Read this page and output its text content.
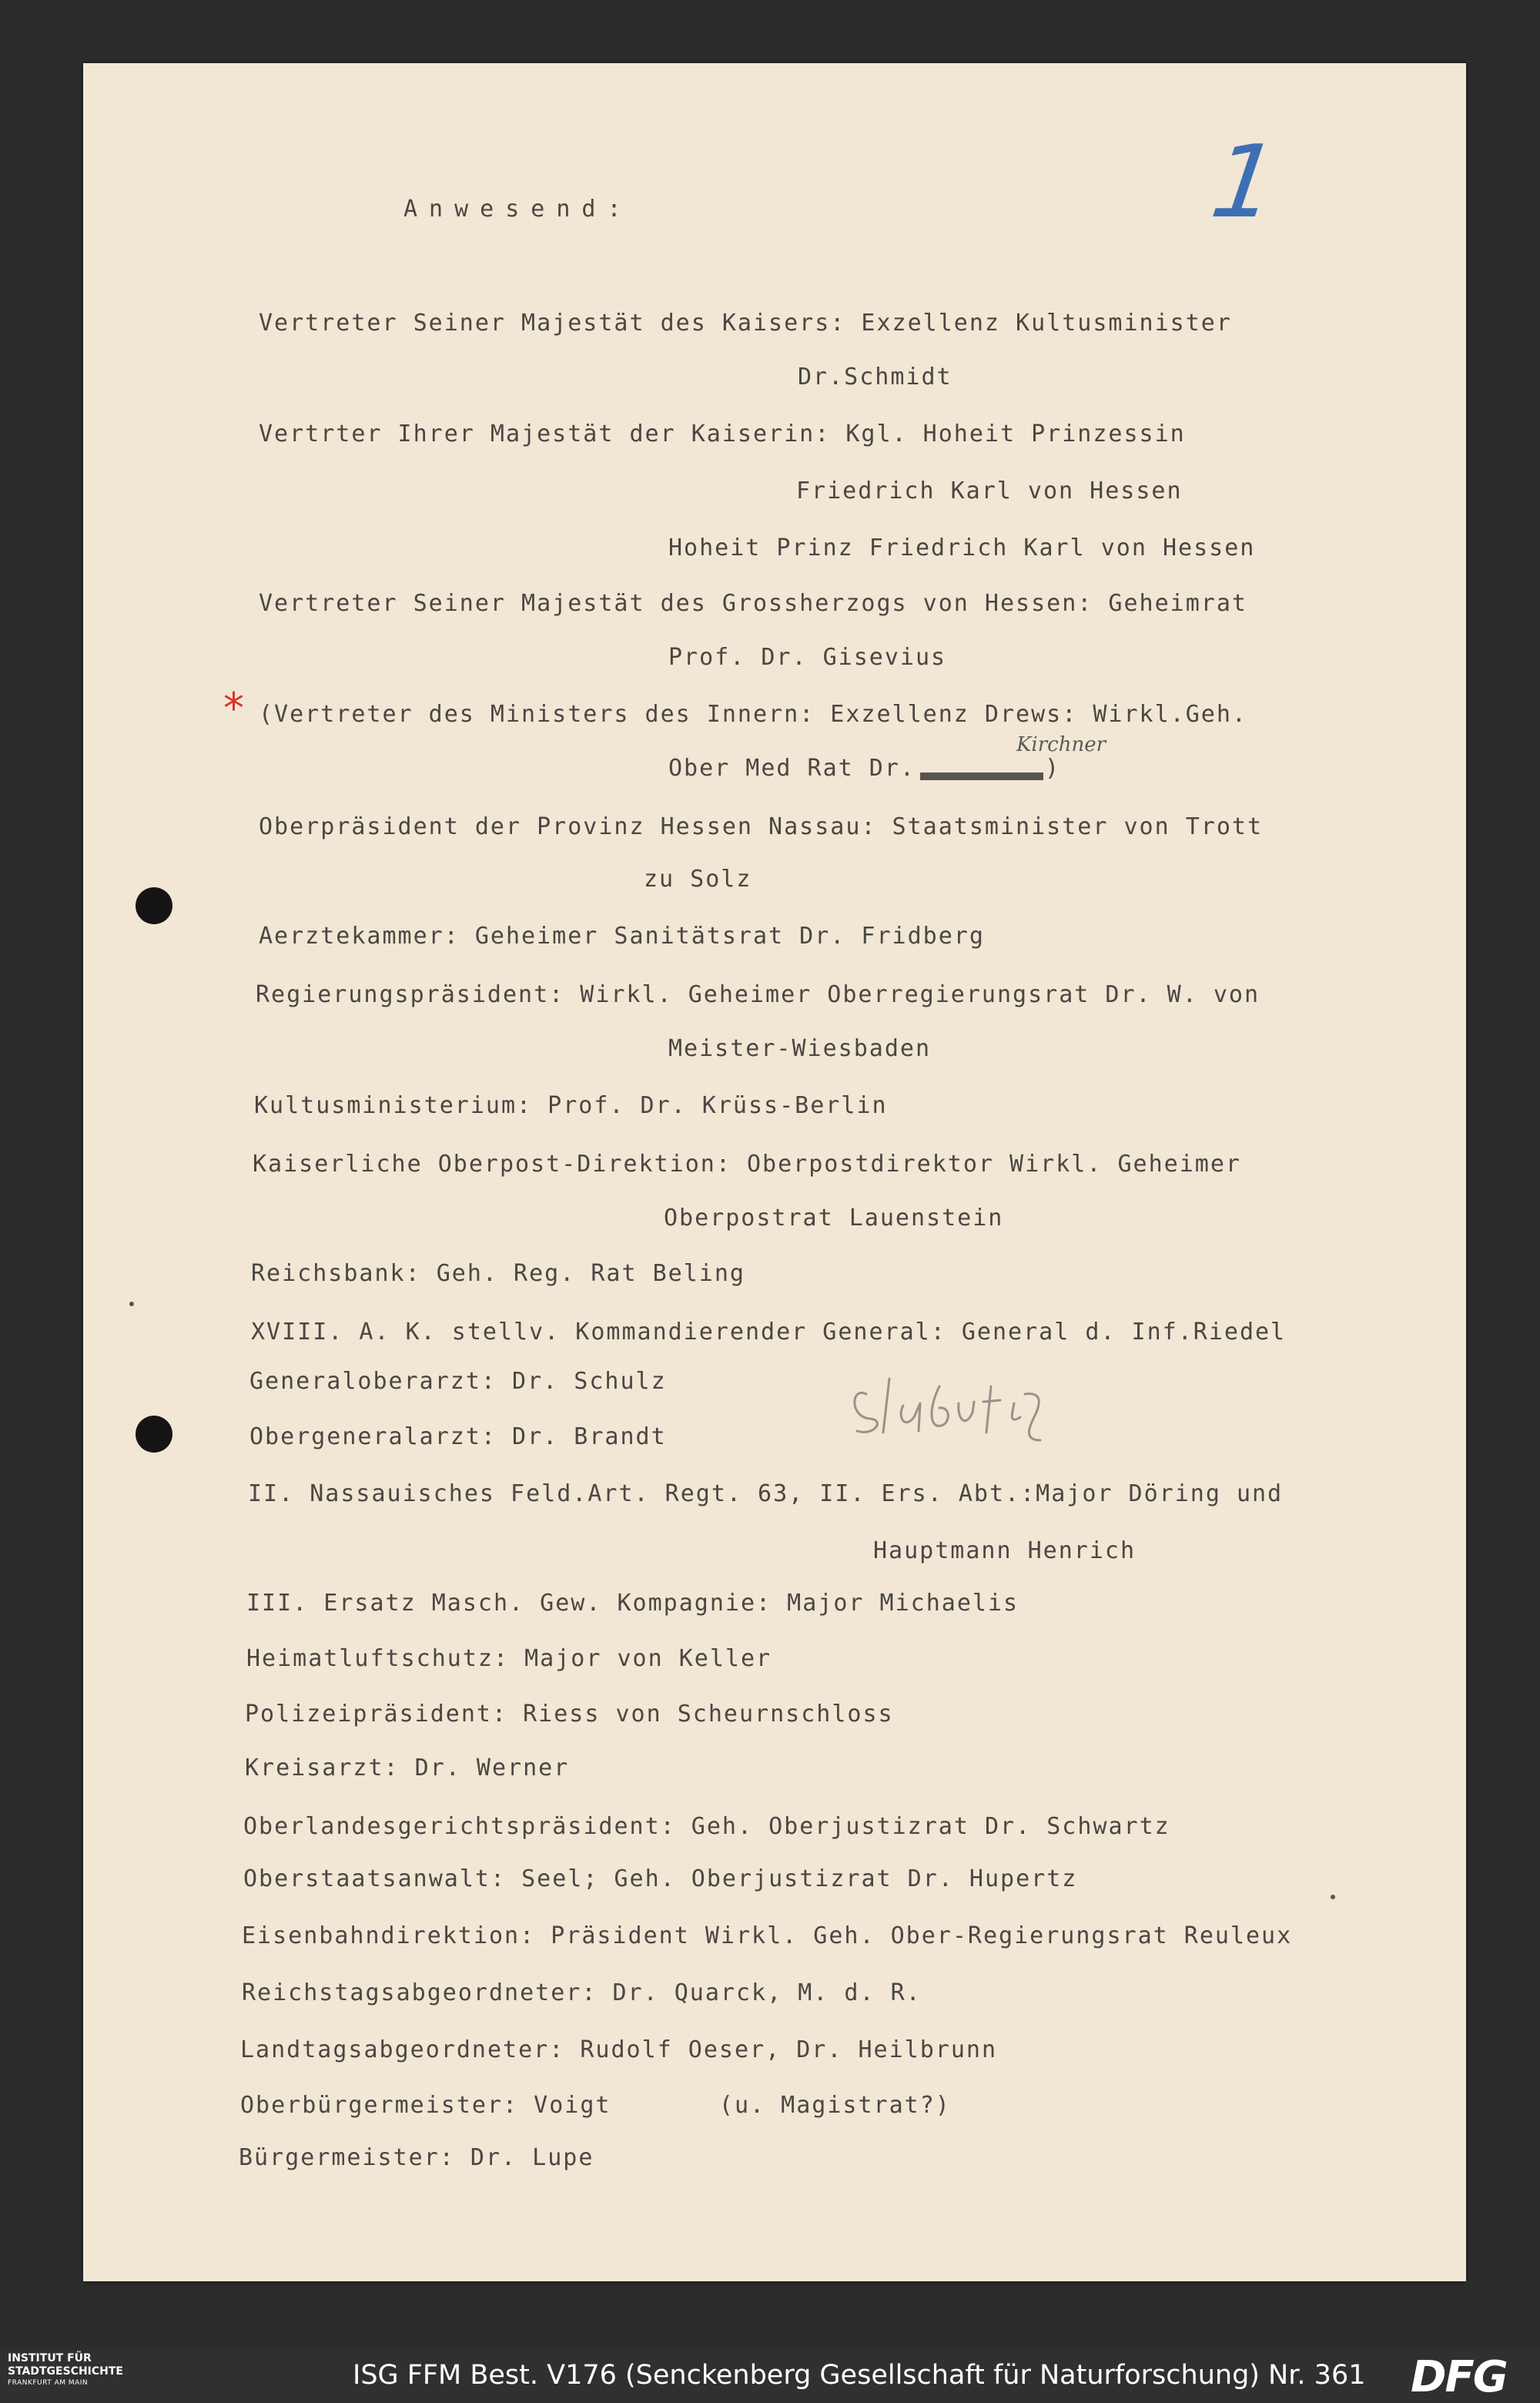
1
Anwesend:
Vertreter Seiner Majestät des Kaisers: Exzellenz Kultusminister
Dr.Schmidt
Vertrter Ihrer Majestät der Kaiserin: Kgl. Hoheit Prinzessin
Friedrich Karl von Hessen
Hoheit Prinz Friedrich Karl von Hessen
Vertreter Seiner Majestät des Grossherzogs von Hessen: Geheimrat
Prof. Dr. Gisevius
* (Vertreter des Ministers des Innern: Exzellenz Drews: Wirkl.Geh.
Kirchner
Ober Med Rat Dr.	)
Oberpräsident der Provinz Hessen Nassau: Staatsminister von Trott
zu Solz
Aerztekammer: Geheimer Sanitätsrat Dr. Fridberg
Regierungspräsident: Wirkl. Geheimer Oberregierungsrat Dr. W. von
Meister-Wiesbaden
Kultusministerium: Prof. Dr. Krüss-Berlin
Kaiserliche Oberpost-Direktion: Oberpostdirektor Wirkl. Geheimer
Oberpostrat Lauenstein
Reichsbank: Geh. Reg. Rat Beling
XVIII. A. K. stellv. Kommandierender General: General d. Inf.Riedel
Generaloberarzt: Dr. Schulz
Obergeneralarzt: Dr. Brandt
II. Nassauisches Feld.Art. Regt. 63, II. Ers. Abt.:Major Döring und
Hauptmann Henrich
III. Ersatz Masch. Gew. Kompagnie: Major Michaelis
Heimatluftschutz: Major von Keller
Polizeipräsident: Riess von Scheurnschloss
Kreisarzt: Dr. Werner
Oberlandesgerichtspräsident: Geh. Oberjustizrat Dr. Schwartz
Oberstaatsanwalt: Seel; Geh. Oberjustizrat Dr. Hupertz
Eisenbahndirektion: Präsident Wirkl. Geh. Ober-Regierungsrat Reuleux
Reichstagsabgeordneter: Dr. Quarck, M. d. R.
Landtagsabgeordneter: Rudolf Oeser, Dr. Heilbrunn
Oberbürgermeister: Voigt       (u. Magistrat?)
Bürgermeister: Dr. Lupe
INSTITUT FÜR
STADTGESCHICHTE
FRANKFURT AM MAIN	ISG FFM Best. V176 (Senckenberg Gesellschaft für Naturforschung) Nr. 361 DFG
